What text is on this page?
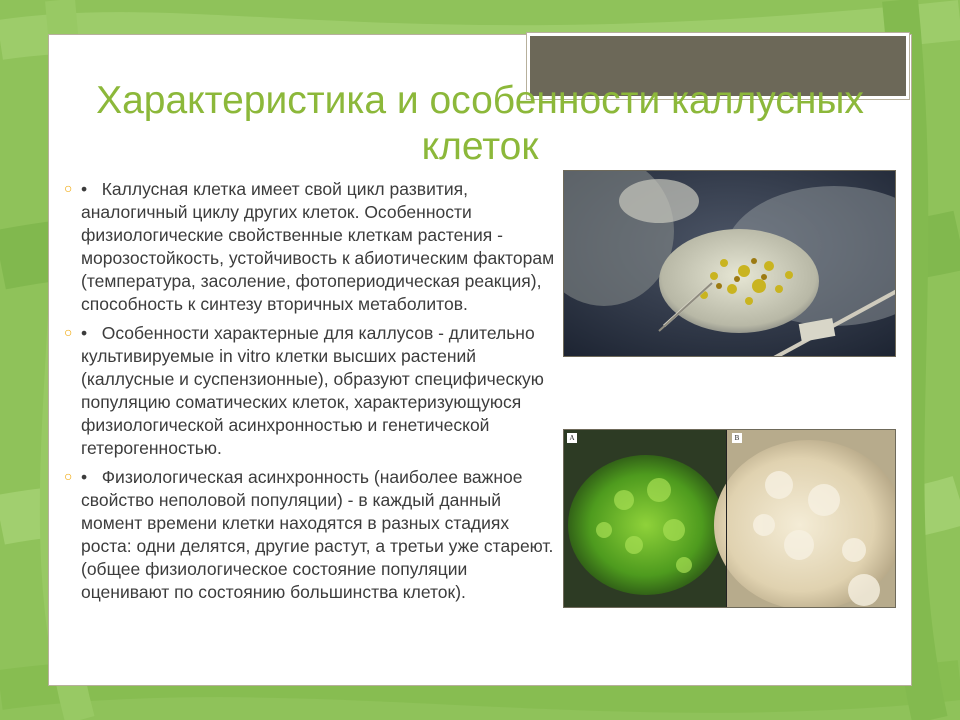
Характеристика и особенности каллусных клеток
○ • Каллусная клетка имеет свой цикл развития, аналогичный циклу других клеток. Особенности физиологические свойственные клеткам растения - морозостойкость, устойчивость к абиотическим факторам (температура, засоление, фотопериодическая реакция), способность к синтезу вторичных метаболитов.
○ • Особенности характерные для каллусов - длительно культивируемые in vitro клетки высших растений (каллусные и суспензионные), образуют специфическую популяцию соматических клеток, характеризующуюся физиологической асинхронностью и генетической гетерогенностью.
○ • Физиологическая асинхронность (наиболее важное свойство неполовой популяции) - в каждый данный момент времени клетки находятся в разных стадиях роста: одни делятся, другие растут, а третьи уже стареют. (общее физиологическое состояние популяции оценивают по состоянию большинства клеток).
A	B
